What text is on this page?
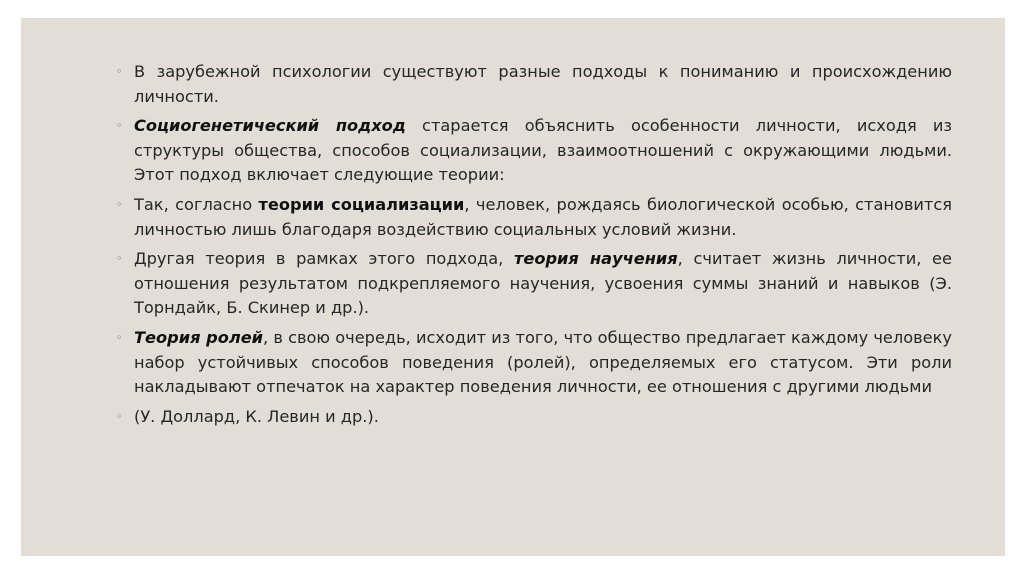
◦ В зарубежной психологии существуют разные подходы к пониманию и происхождению личности.
◦ Социогенетический подход старается объяснить особенности личности, исходя из структуры общества, способов социализации, взаимоотношений с окружающими людьми. Этот подход включает следующие теории:
◦ Так, согласно теории социализации, человек, рождаясь биологической особью, становится личностью лишь благодаря воздействию социальных условий жизни.
◦ Другая теория в рамках этого подхода, теория научения, считает жизнь личности, ее отношения результатом подкрепляемого научения, усвоения суммы знаний и навыков (Э. Торндайк, Б. Скинер и др.).
◦ Теория ролей, в свою очередь, исходит из того, что общество предлагает каждому человеку набор устойчивых способов поведения (ролей), определяемых его статусом. Эти роли накладывают отпечаток на характер поведения личности, ее отношения с другими людьми
◦ (У. Доллард, К. Левин и др.).
